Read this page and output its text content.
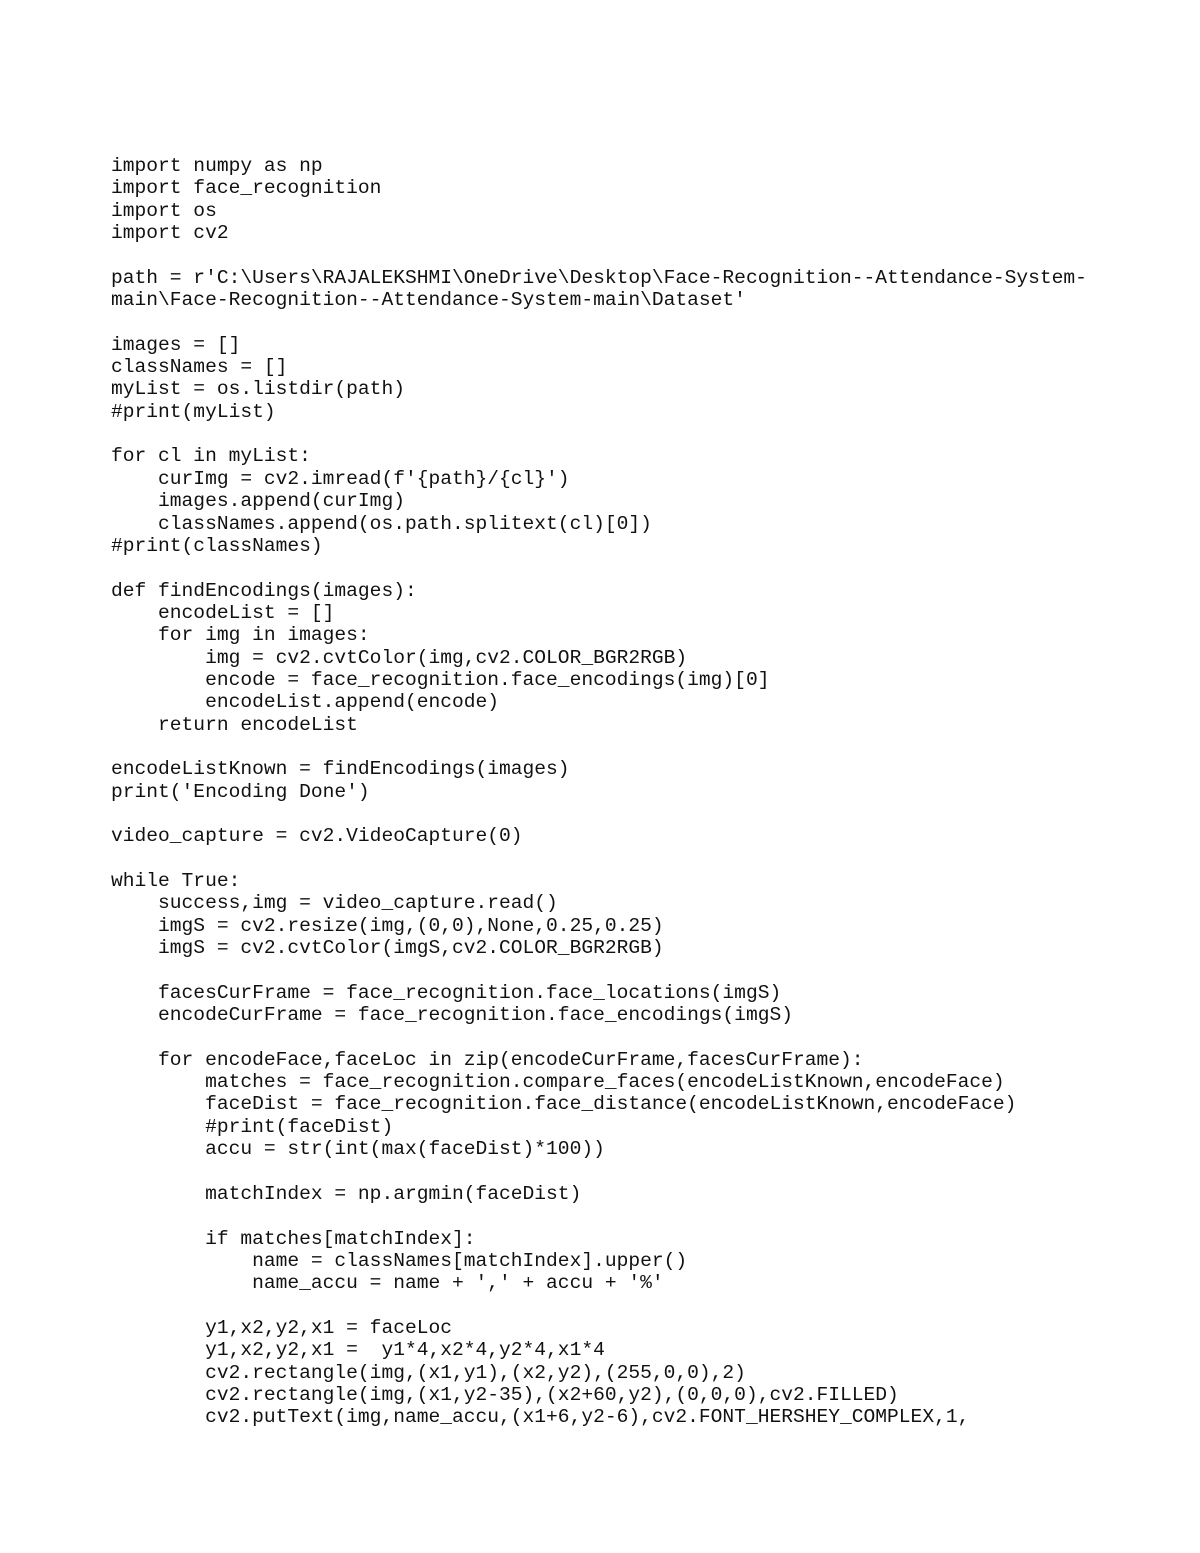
import numpy as np
import face_recognition
import os
import cv2
path = r'C:\Users\RAJALEKSHMI\OneDrive\Desktop\Face-Recognition--Attendance-System-
main\Face-Recognition--Attendance-System-main\Dataset'
images = []
classNames = []
myList = os.listdir(path)
#print(myList)
for cl in myList:
curImg = cv2.imread(f'{path}/{cl}')
images.append(curImg)
classNames.append(os.path.splitext(cl)[0])
#print(classNames)
def findEncodings(images):
encodeList = []
for img in images:
img = cv2.cvtColor(img,cv2.COLOR_BGR2RGB)
encode = face_recognition.face_encodings(img)[0]
encodeList.append(encode)
return encodeList
encodeListKnown = findEncodings(images)
print('Encoding Done')
video_capture = cv2.VideoCapture(0)
while True:
success,img = video_capture.read()
imgS = cv2.resize(img,(0,0),None,0.25,0.25)
imgS = cv2.cvtColor(imgS,cv2.COLOR_BGR2RGB)
facesCurFrame = face_recognition.face_locations(imgS)
encodeCurFrame = face_recognition.face_encodings(imgS)
for encodeFace,faceLoc in zip(encodeCurFrame,facesCurFrame):
matches = face_recognition.compare_faces(encodeListKnown,encodeFace)
faceDist = face_recognition.face_distance(encodeListKnown,encodeFace)
#print(faceDist)
accu = str(int(max(faceDist)*100))
matchIndex = np.argmin(faceDist)
if matches[matchIndex]:
name = classNames[matchIndex].upper()
name_accu = name + ',' + accu + '%'
y1,x2,y2,x1 = faceLoc
y1,x2,y2,x1 =  y1*4,x2*4,y2*4,x1*4
cv2.rectangle(img,(x1,y1),(x2,y2),(255,0,0),2)
cv2.rectangle(img,(x1,y2-35),(x2+60,y2),(0,0,0),cv2.FILLED)
cv2.putText(img,name_accu,(x1+6,y2-6),cv2.FONT_HERSHEY_COMPLEX,1,
